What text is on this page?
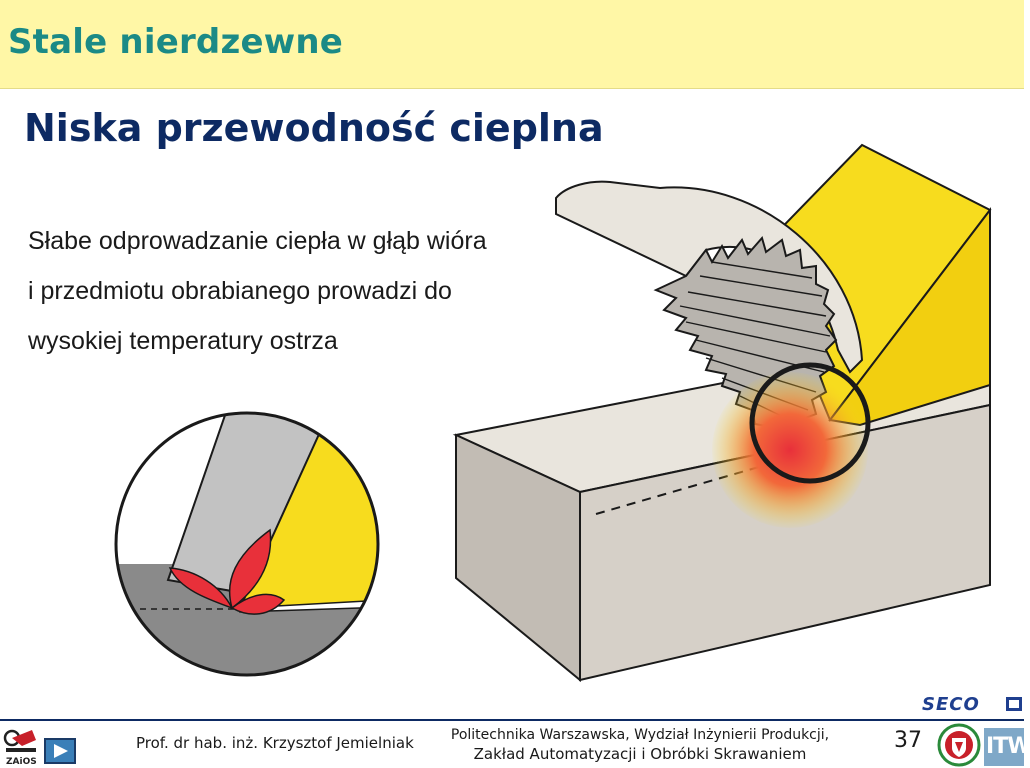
Stale nierdzewne
Niska przewodność cieplna
Słabe odprowadzanie ciepła w głąb wióra
i przedmiotu obrabianego prowadzi do
wysokiej temperatury ostrza
ZAiOS
Prof. dr hab. inż. Krzysztof Jemielniak	Politechnika Warszawska, Wydział Inżynierii Produkcji,
Zakład Automatyzacji i Obróbki Skrawaniem
37
SECO
ITW
